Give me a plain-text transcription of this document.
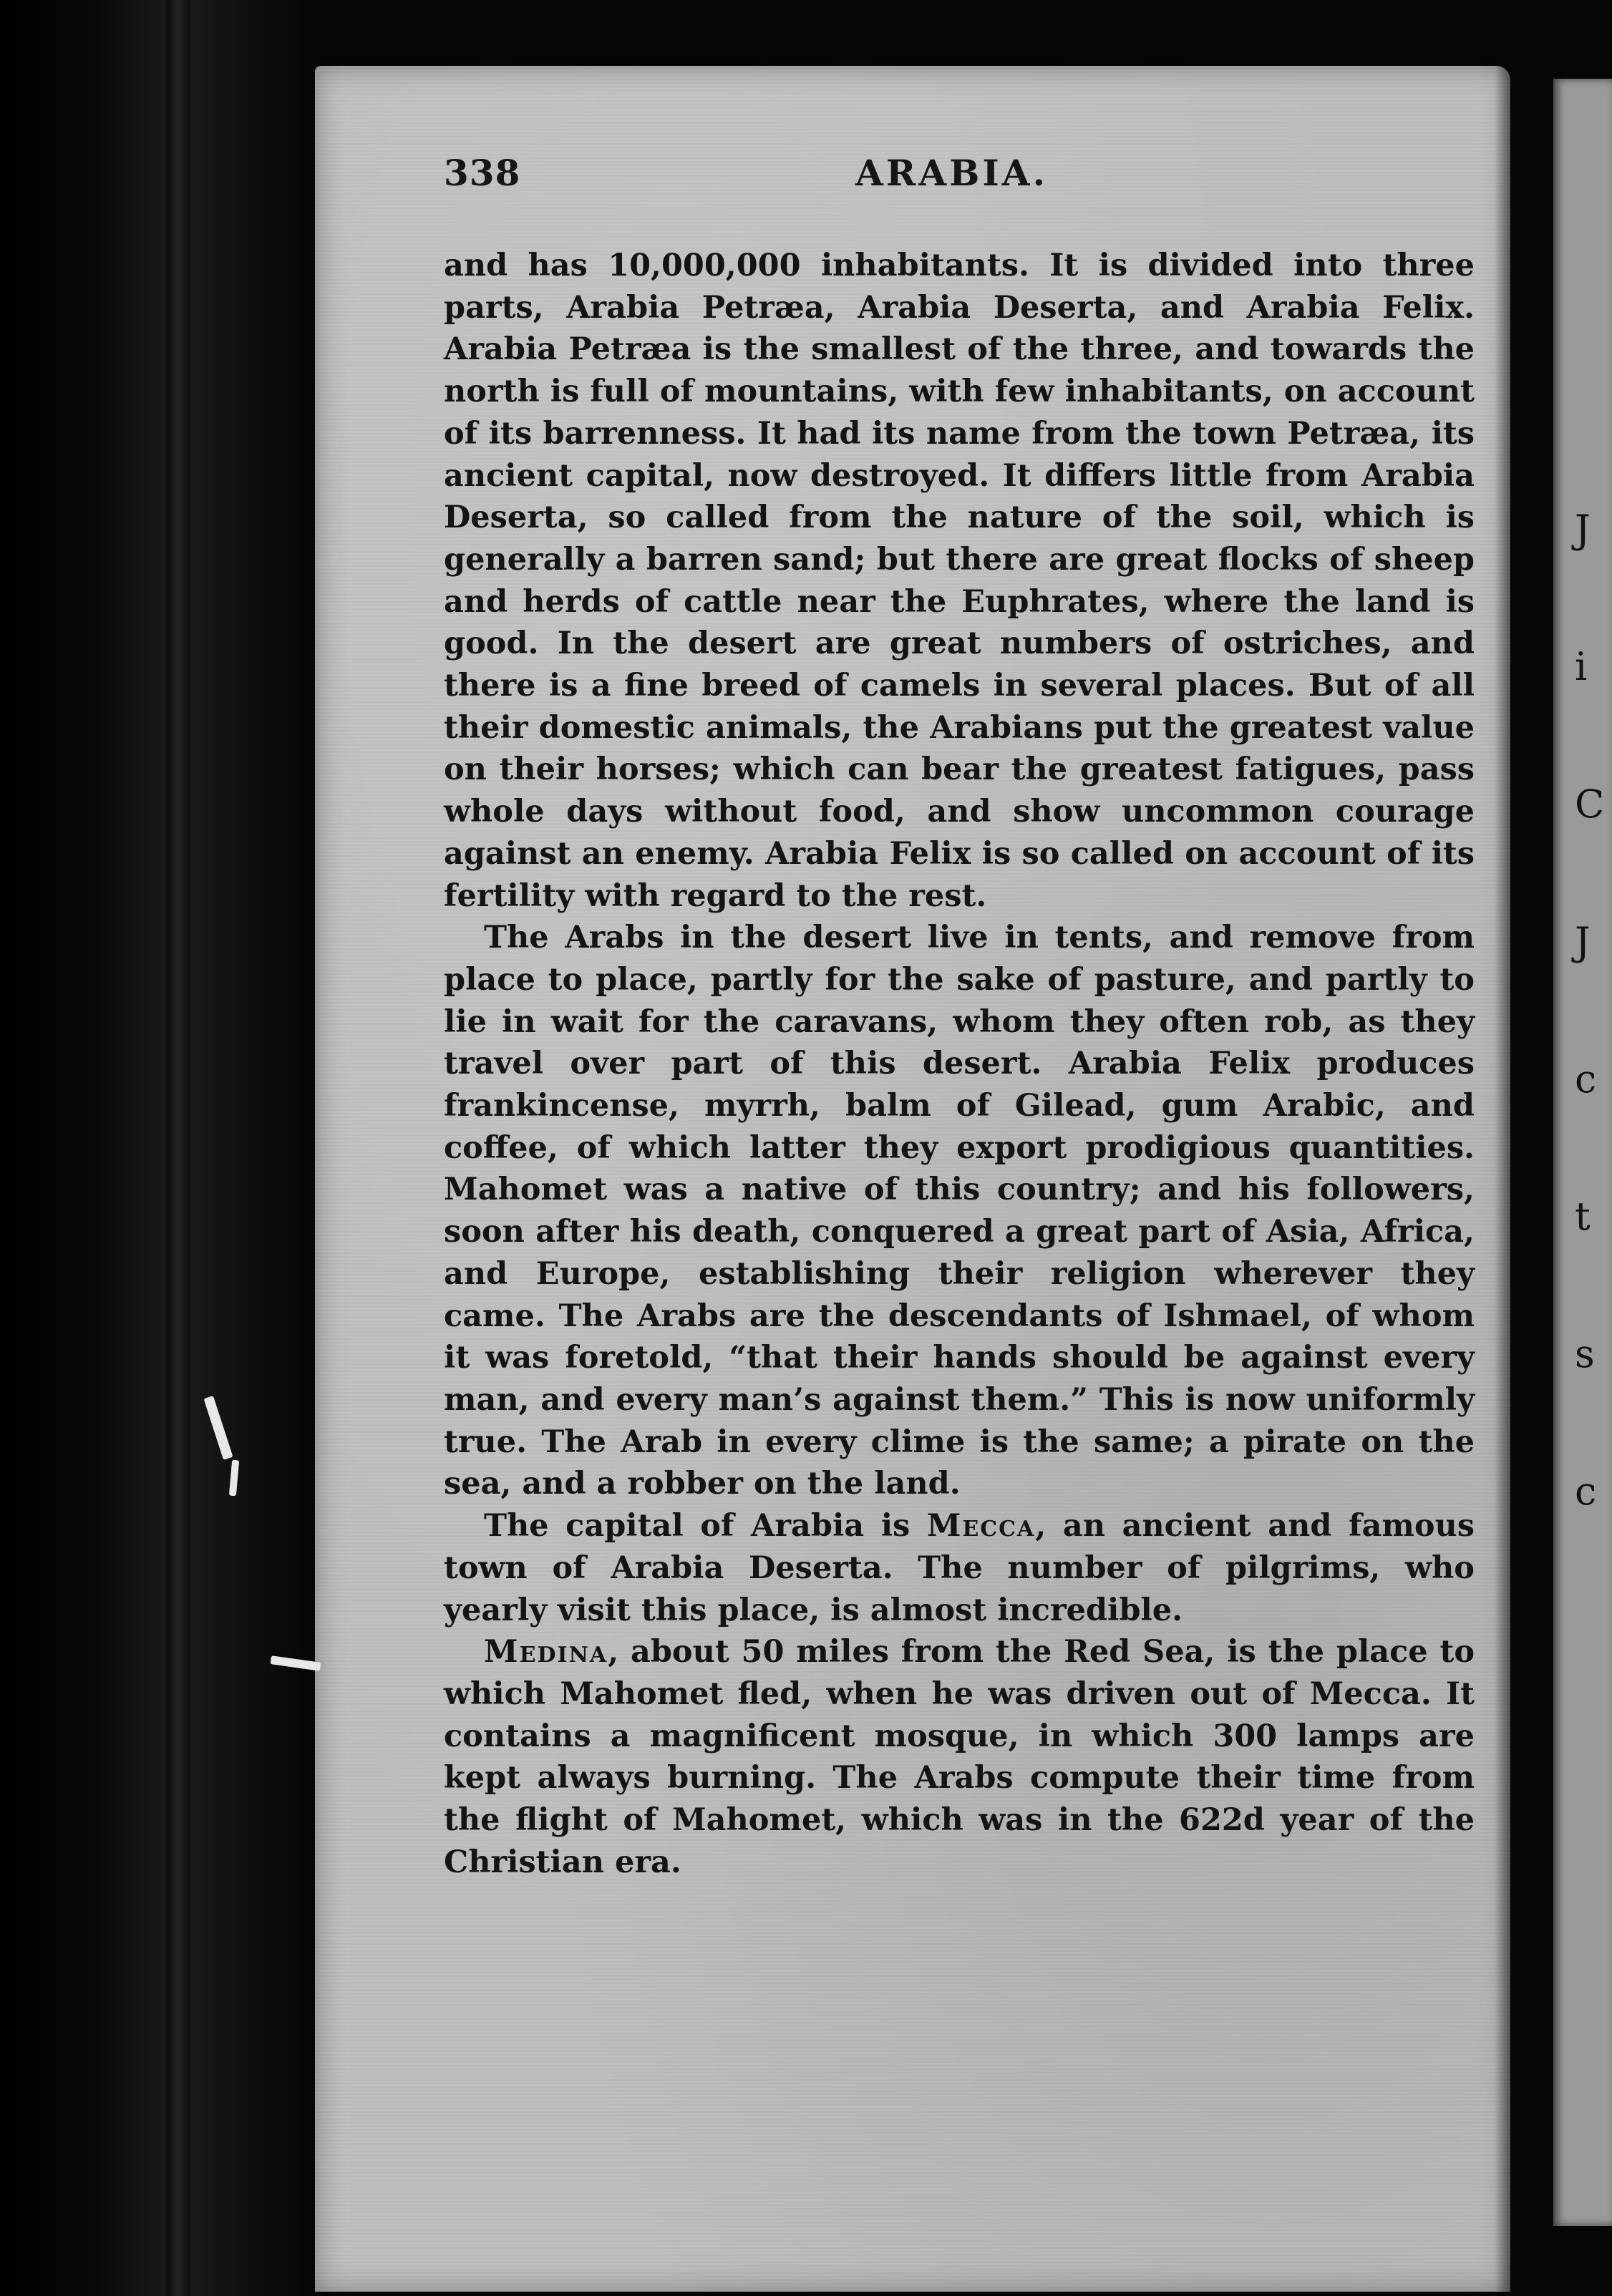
J

i

C

J

c

t

s

c

338	ARABIA.

and has 10,000,000 inhabitants. It is divided into three parts, Arabia Petræa, Arabia Deserta, and Arabia Felix. Arabia Petræa is the smallest of the three, and towards the north is full of mountains, with few inhabitants, on account of its barrenness. It had its name from the town Petræa, its ancient capital, now destroyed. It differs little from Arabia Deserta, so called from the nature of the soil, which is generally a barren sand; but there are great flocks of sheep and herds of cattle near the Euphrates, where the land is good. In the desert are great numbers of ostriches, and there is a fine breed of camels in several places. But of all their domestic animals, the Arabians put the greatest value on their horses; which can bear the greatest fatigues, pass whole days without food, and show uncommon courage against an enemy. Arabia Felix is so called on account of its fertility with regard to the rest.

The Arabs in the desert live in tents, and remove from place to place, partly for the sake of pasture, and partly to lie in wait for the caravans, whom they often rob, as they travel over part of this desert. Arabia Felix produces frankincense, myrrh, balm of Gilead, gum Arabic, and coffee, of which latter they export prodigious quantities. Mahomet was a native of this country; and his followers, soon after his death, conquered a great part of Asia, Africa, and Europe, establishing their religion wherever they came. The Arabs are the descendants of Ishmael, of whom it was foretold, “that their hands should be against every man, and every man’s against them.” This is now uniformly true. The Arab in every clime is the same; a pirate on the sea, and a robber on the land.

The capital of Arabia is Mecca, an ancient and famous town of Arabia Deserta. The number of pilgrims, who yearly visit this place, is almost incredible.

Medina, about 50 miles from the Red Sea, is the place to which Mahomet fled, when he was driven out of Mecca. It contains a magnificent mosque, in which 300 lamps are kept always burning. The Arabs compute their time from the flight of Mahomet, which was in the 622d year of the Christian era.
